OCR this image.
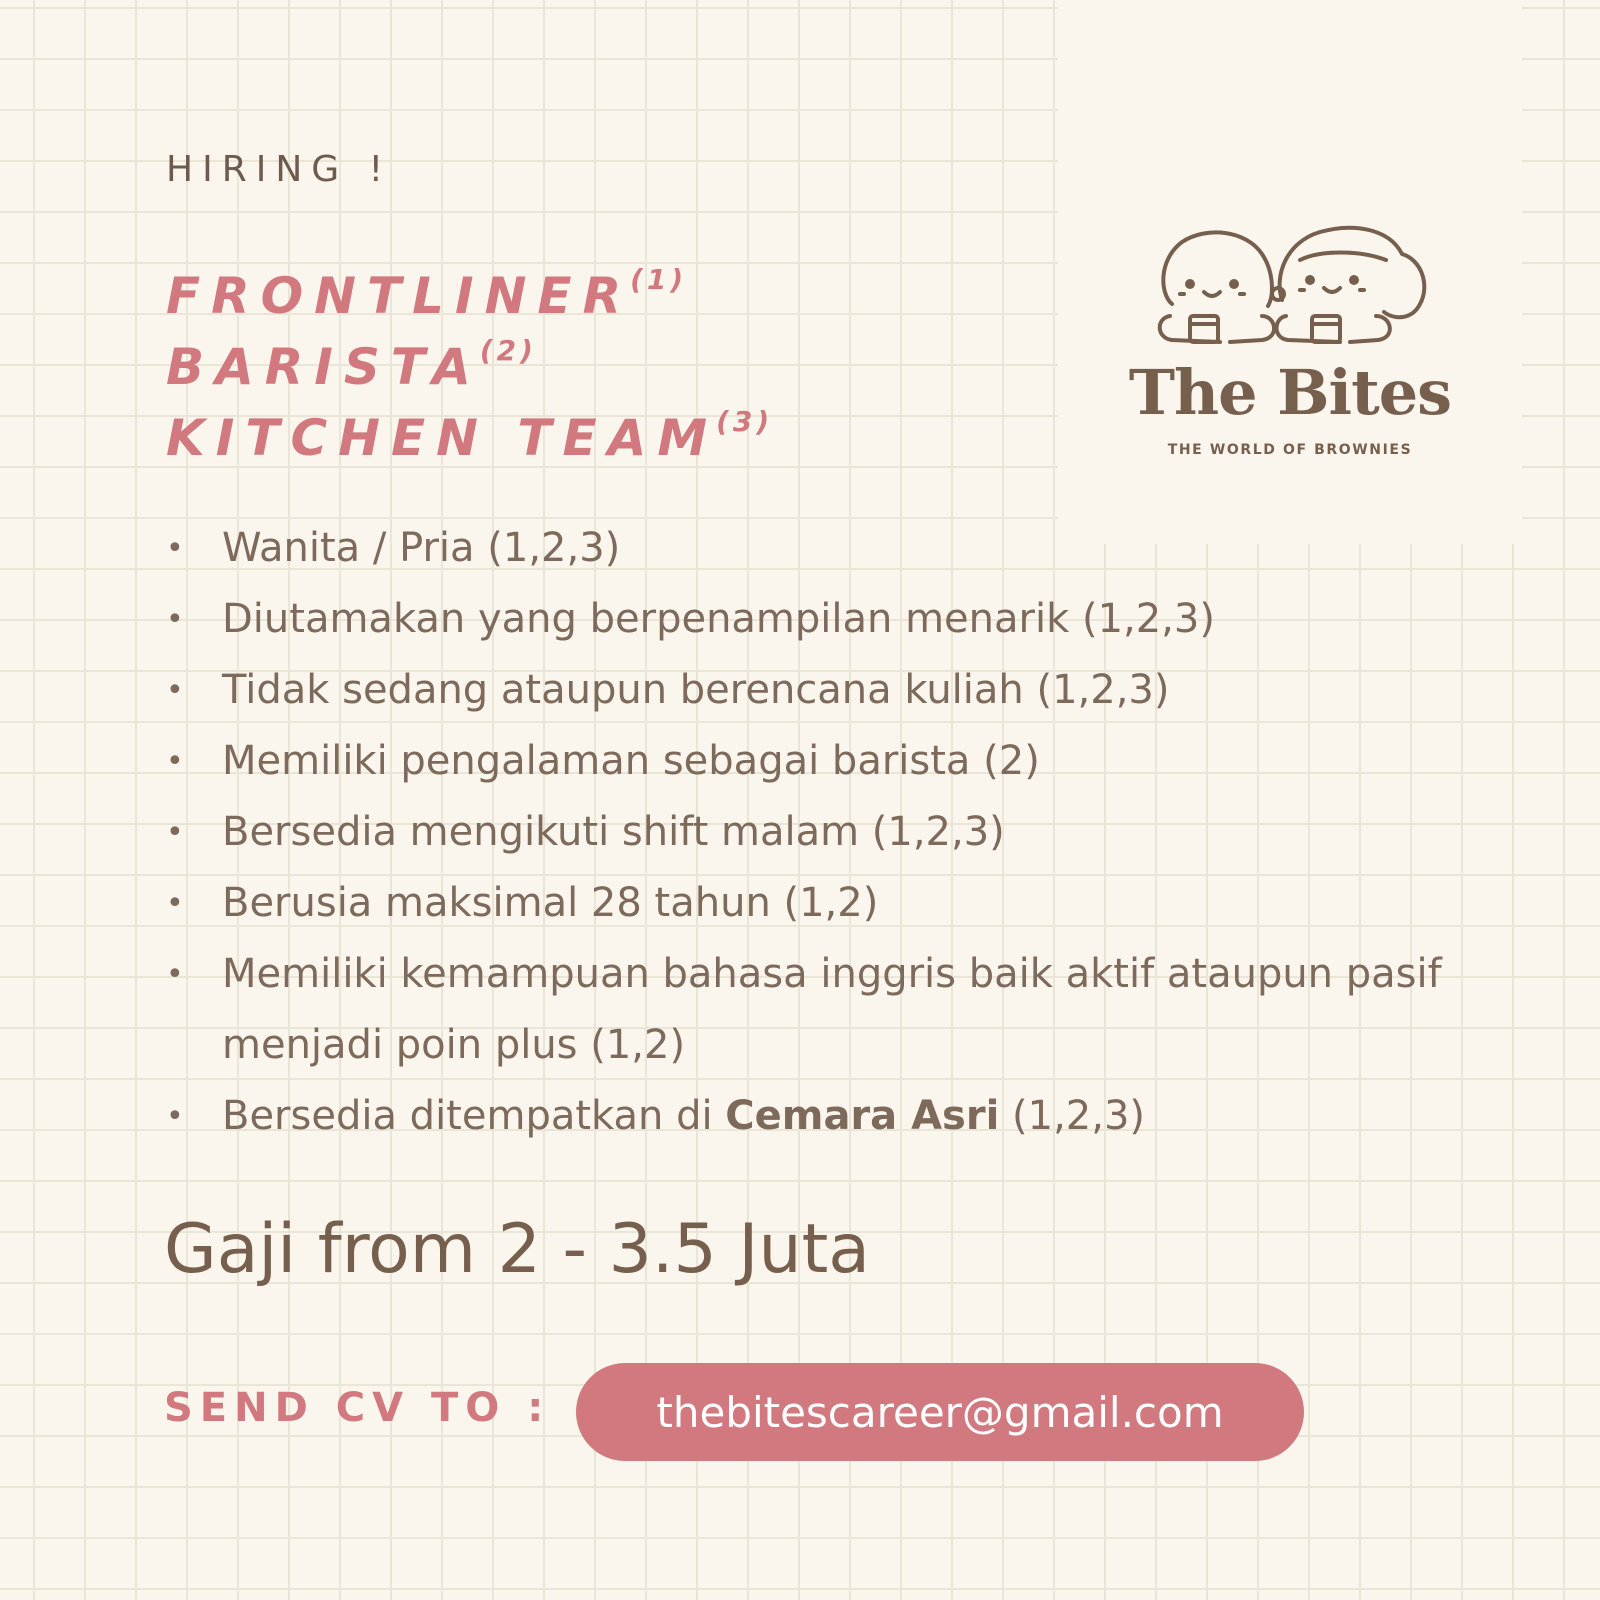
The Bites

THE WORLD OF BROWNIES

HIRING !

FRONTLINER$^{(1)}$
BARISTA$^{(2)}$
KITCHEN TEAM$^{(3)}$
• Wanita / Pria (1,2,3)
• Diutamakan yang berpenampilan menarik (1,2,3)
• Tidak sedang ataupun berencana kuliah (1,2,3)
• Memiliki pengalaman sebagai barista (2)
• Bersedia mengikuti shift malam (1,2,3)
• Berusia maksimal 28 tahun (1,2)
• Memiliki kemampuan bahasa inggris baik aktif ataupun pasif menjadi poin plus (1,2)
• Bersedia ditempatkan di Cemara Asri (1,2,3)

Gaji from 2 - 3.5 Juta

SEND CV TO :	thebitescareer@gmail.com
